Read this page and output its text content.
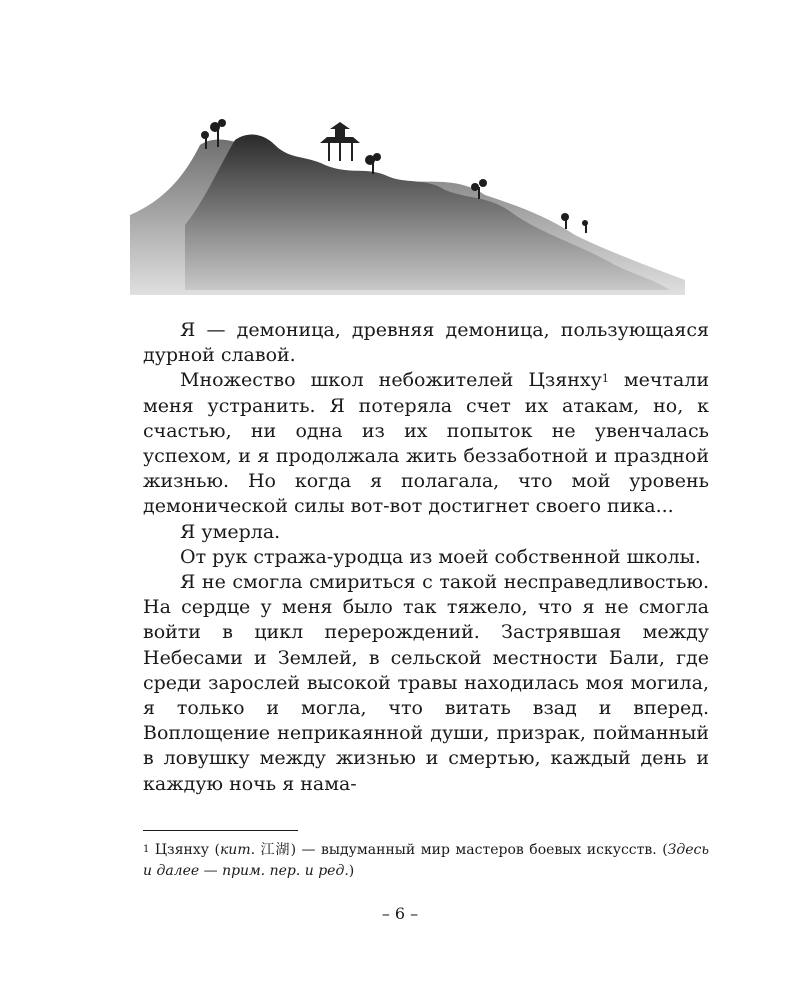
Я — демоница, древняя демоница, пользующаяся дурной славой.

Множество школ небожителей Цзянху$^1$ мечтали меня устранить. Я потеряла счет их атакам, но, к счастью, ни одна из их попыток не увенчалась успехом, и я продолжала жить беззаботной и праздной жизнью. Но когда я полагала, что мой уровень демонической силы вот-вот достигнет своего пика...

Я умерла.

От рук стража-уродца из моей собственной школы.

Я не смогла смириться с такой несправедливостью. На сердце у меня было так тяжело, что я не смогла войти в цикл перерождений. Застрявшая между Небесами и Землей, в сельской местности Бали, где среди зарослей высокой травы находилась моя могила, я только и могла, что витать взад и вперед. Воплощение неприкаянной души, призрак, пойманный в ловушку между жизнью и смертью, каждый день и каждую ночь я нама-

$^1$ Цзянху (кит. 江湖) — выдуманный мир мастеров боевых искусств. (Здесь и далее — прим. пер. и ред.)
– 6 –
